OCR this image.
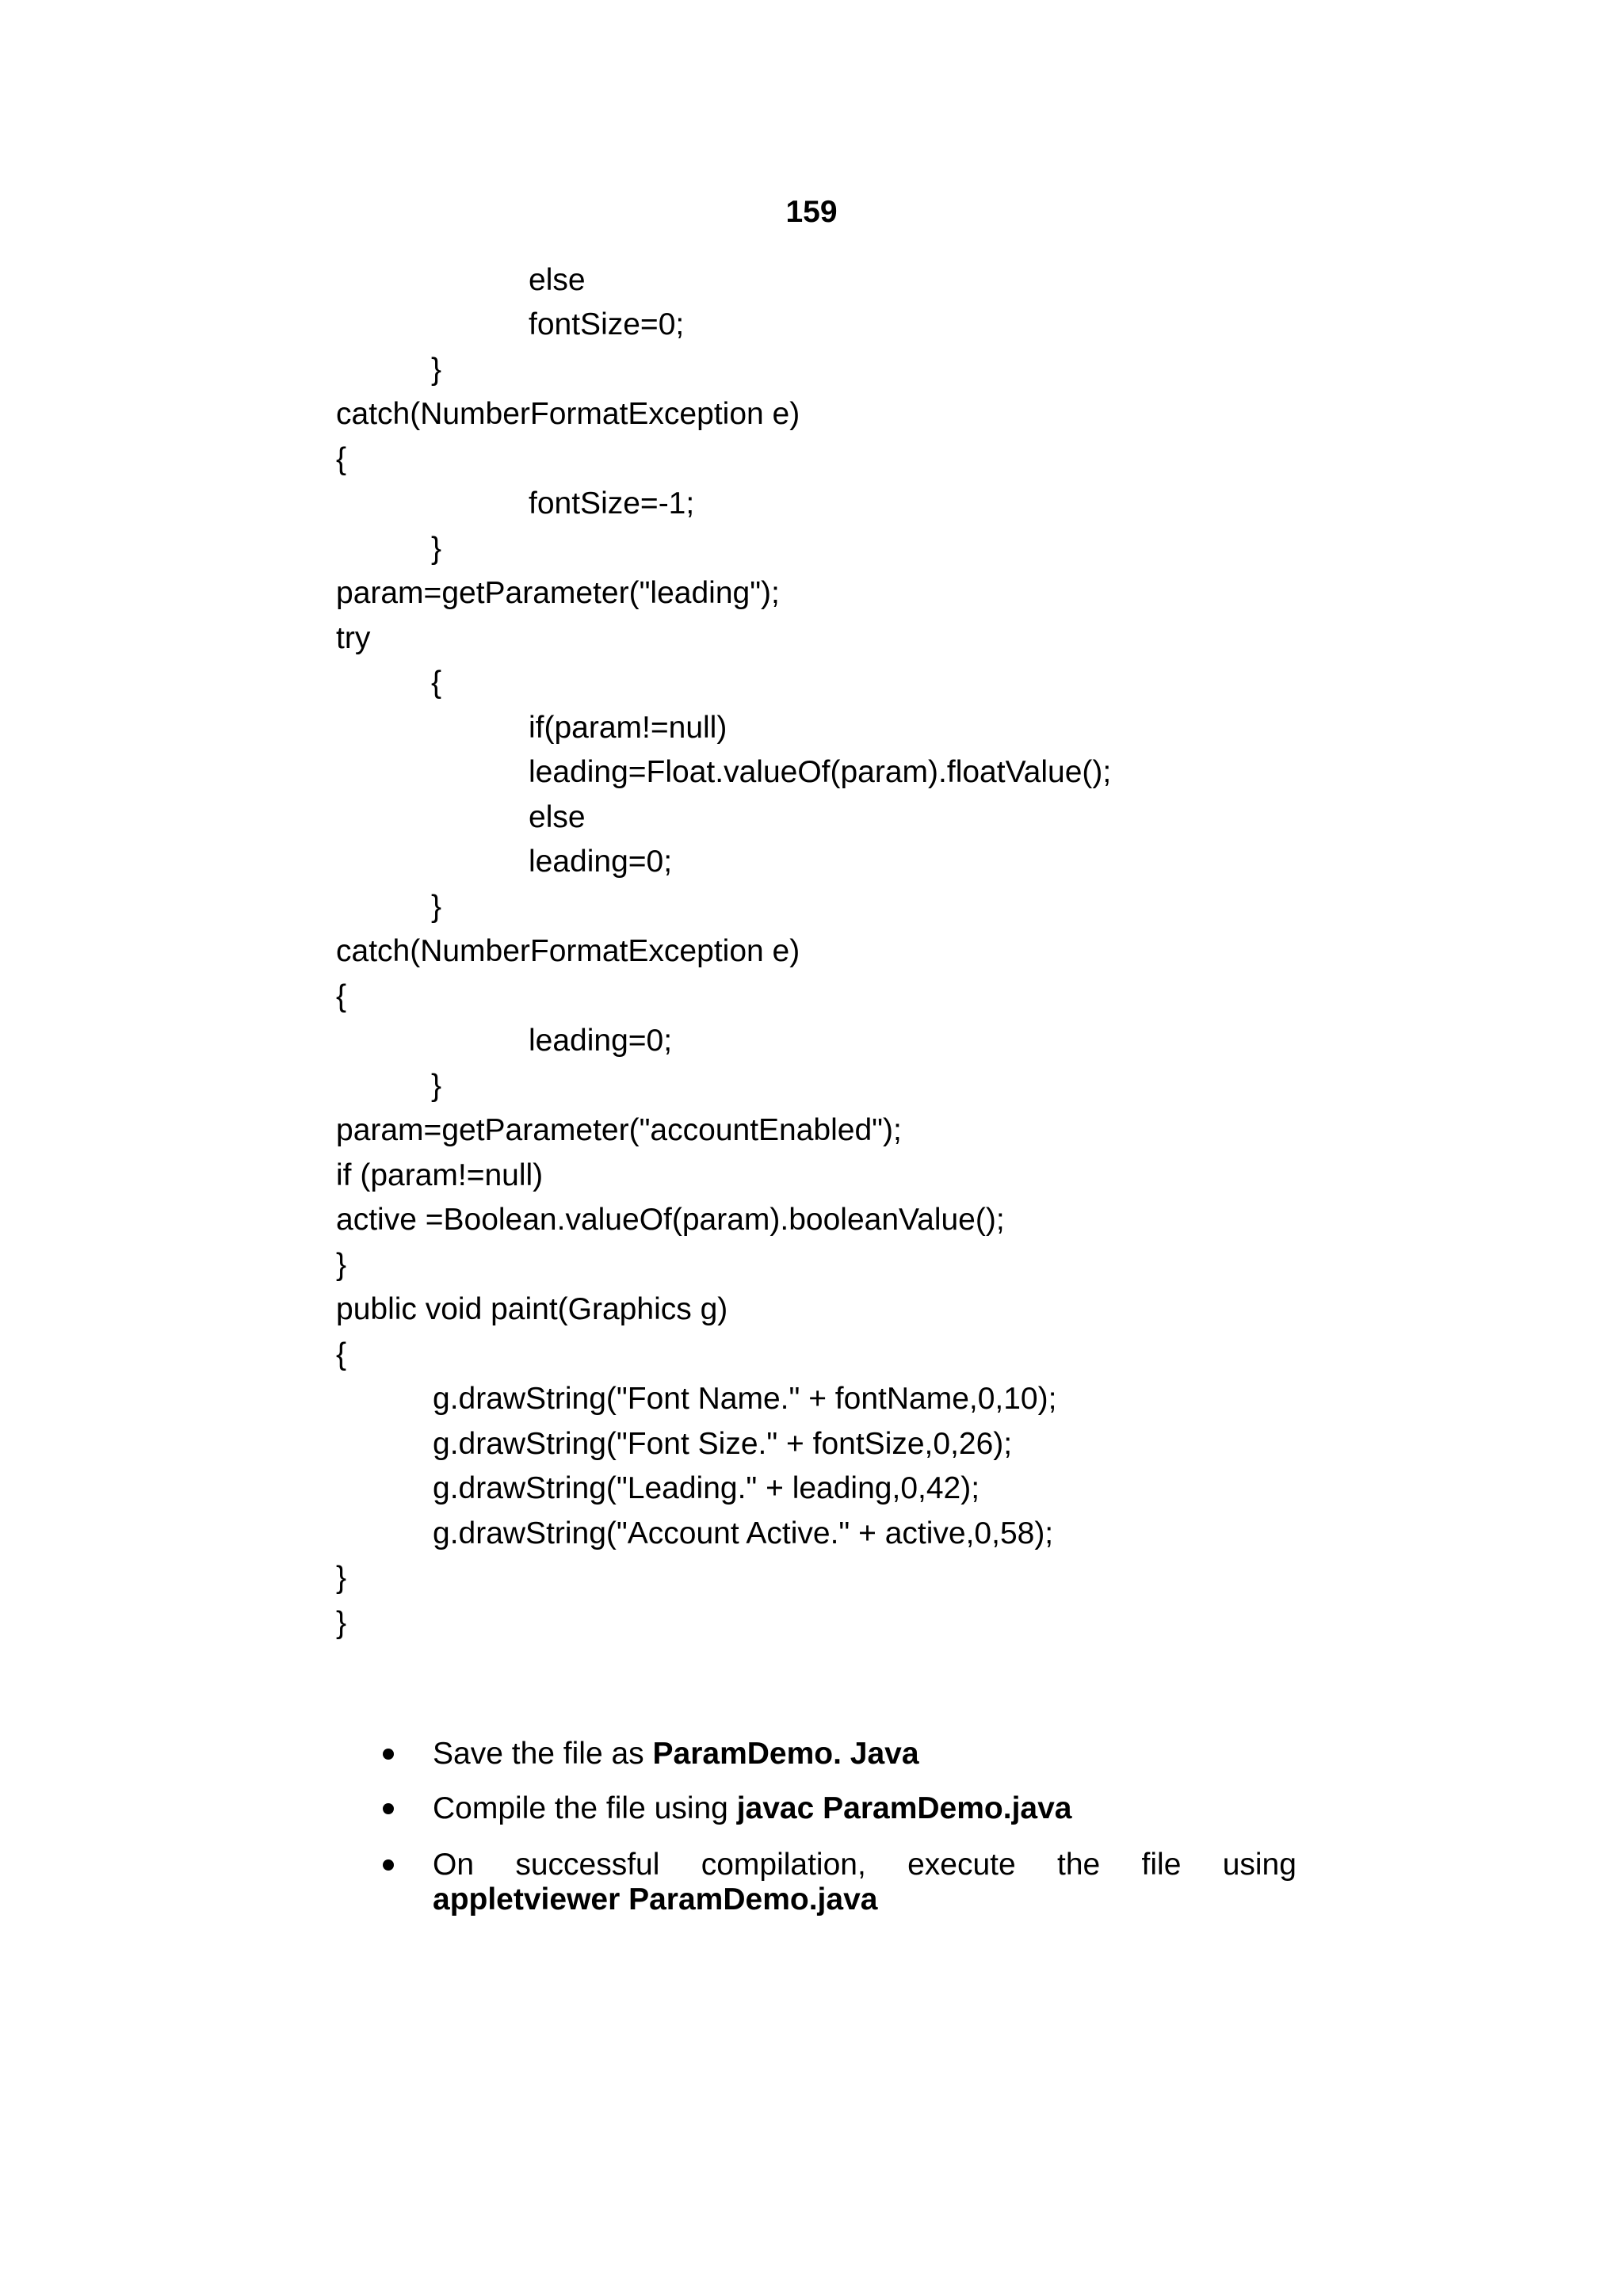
159
else
fontSize=0;
}
catch(NumberFormatException e)
{
fontSize=-1;
}
param=getParameter("leading");
try
{
if(param!=null)
leading=Float.valueOf(param).floatValue();
else
leading=0;
}
catch(NumberFormatException e)
{
leading=0;
}
param=getParameter("accountEnabled");
if (param!=null)
active =Boolean.valueOf(param).booleanValue();
}
public void paint(Graphics g)
{
g.drawString("Font Name." + fontName,0,10);
g.drawString("Font Size." + fontSize,0,26);
g.drawString("Leading." + leading,0,42);
g.drawString("Account Active." + active,0,58);
}
}
Save the file as ParamDemo. Java
Compile the file using javac ParamDemo.java
On successful compilation, execute the file using
appletviewer ParamDemo.java
